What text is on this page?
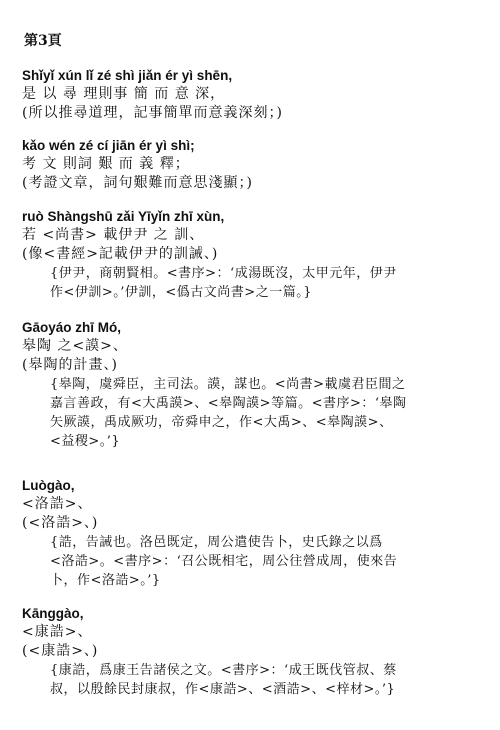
第3頁
Shǐyǐ xún lǐ zé shì jiǎn ér yì shēn,
是 以 尋 理則事 簡 而 意 深，
(所以推尋道理，記事簡單而意義深刻；)
kǎo wén zé cí jiān ér yì shì;
考 文 則詞 艱 而 義 釋；
(考證文章，詞句艱難而意思淺顯；)
ruò Shàngshū zǎi Yīyǐn zhī xùn,
若 <尚書> 載伊尹 之 訓、
(像<書經>記載伊尹的訓誡、)
{伊尹，商朝賢相。<書序>：‘成湯既沒，太甲元年，伊尹
作<伊訓>。’伊訓，<僞古文尚書>之一篇。}
Gāoyáo zhī Mó,
皋陶 之<謨>、
(皋陶的計畫、)
{皋陶，虞舜臣，主司法。謨，謀也。<尚書>載虞君臣間之
嘉言善政，有<大禹謨>、<皋陶謨>等篇。<書序>：‘皋陶
矢厥謨，禹成厥功，帝舜申之，作<大禹>、<皋陶謨>、
<益稷>。’}
Luògào,
<洛誥>、
(<洛誥>、)
{誥，告誡也。洛邑既定，周公遣使告卜，史氏錄之以爲
<洛誥>。<書序>：‘召公既相宅，周公往營成周，使來告
卜，作<洛誥>。’}
Kānggào,
<康誥>、
(<康誥>、)
{康誥，爲康王告諸侯之文。<書序>：‘成王既伐管叔、蔡
叔，以殷餘民封康叔，作<康誥>、<酒誥>、<梓材>。’}
